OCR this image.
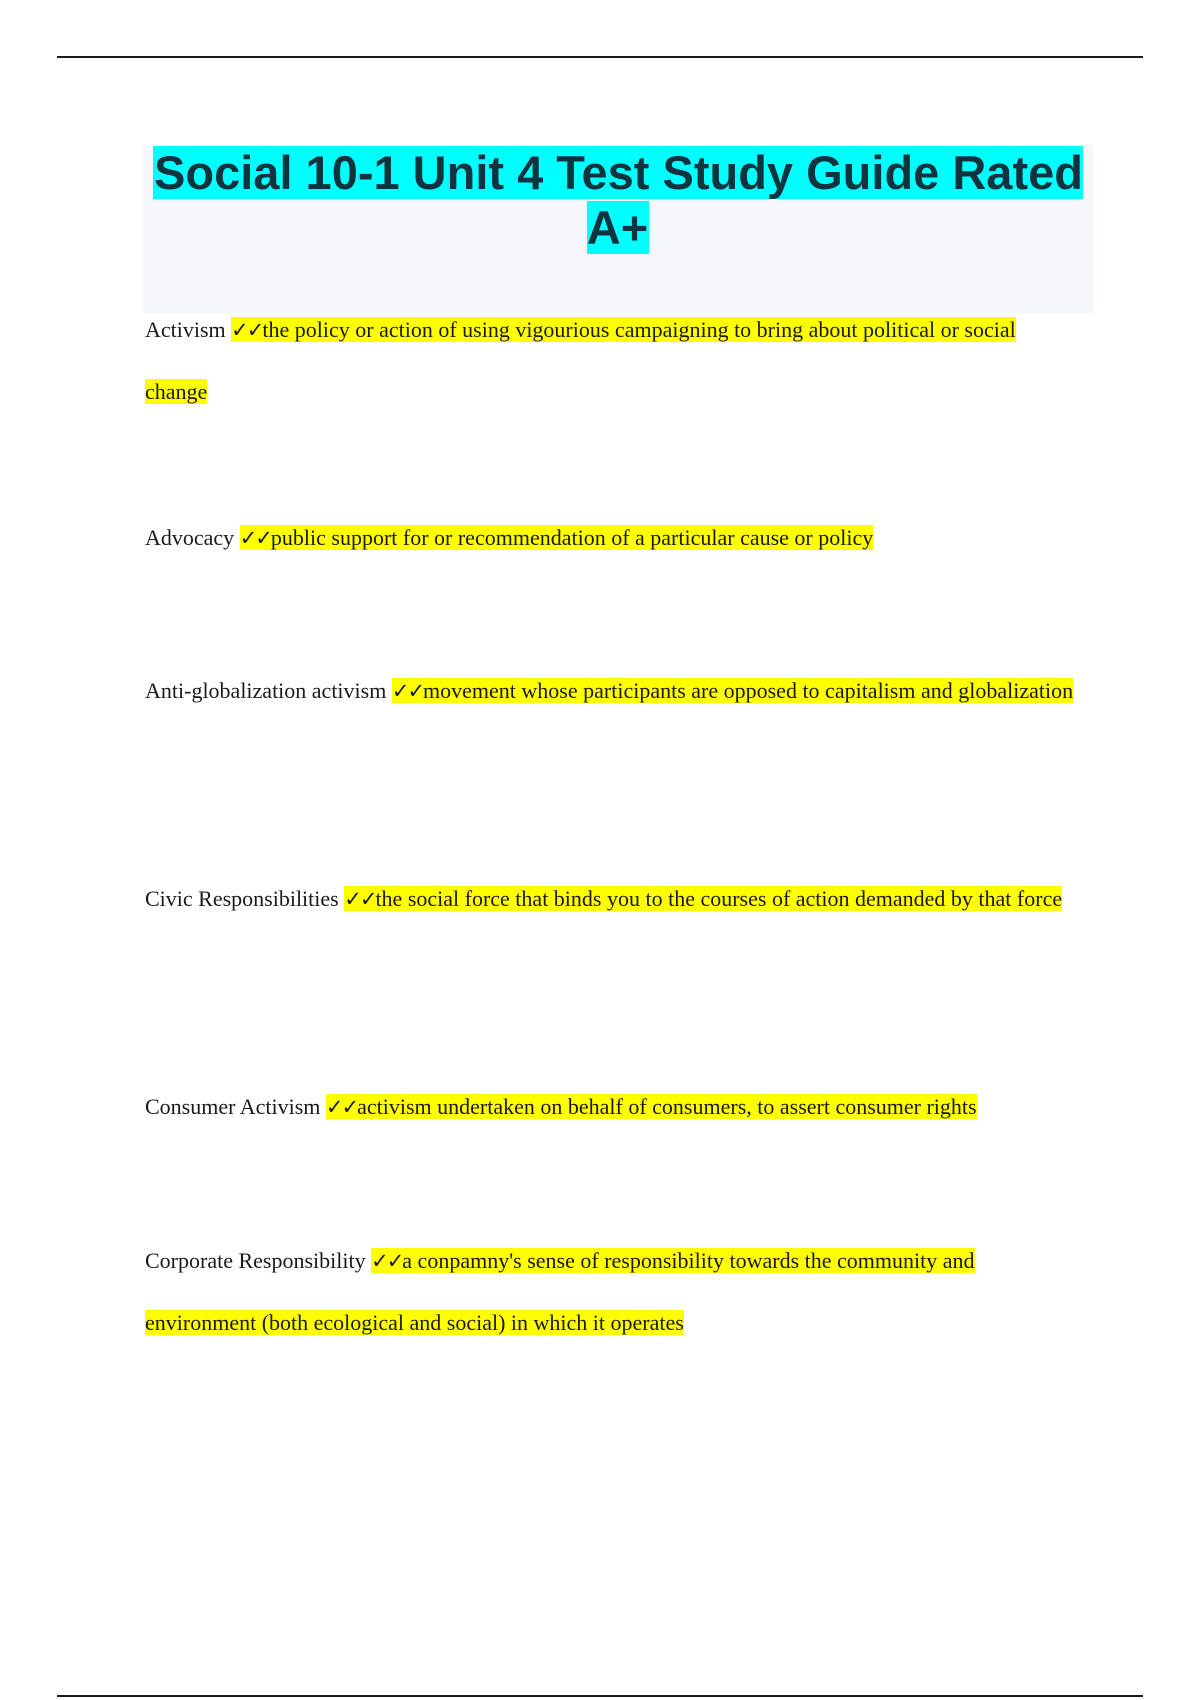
Social 10-1 Unit 4 Test Study Guide Rated A+

Activism ✓✓the policy or action of using vigourious campaigning to bring about political or social change

Advocacy ✓✓public support for or recommendation of a particular cause or policy

Anti-globalization activism ✓✓movement whose participants are opposed to capitalism and globalization

Civic Responsibilities ✓✓the social force that binds you to the courses of action demanded by that force

Consumer Activism ✓✓activism undertaken on behalf of consumers, to assert consumer rights

Corporate Responsibility ✓✓a conpamny's sense of responsibility towards the community and environment (both ecological and social) in which it operates
